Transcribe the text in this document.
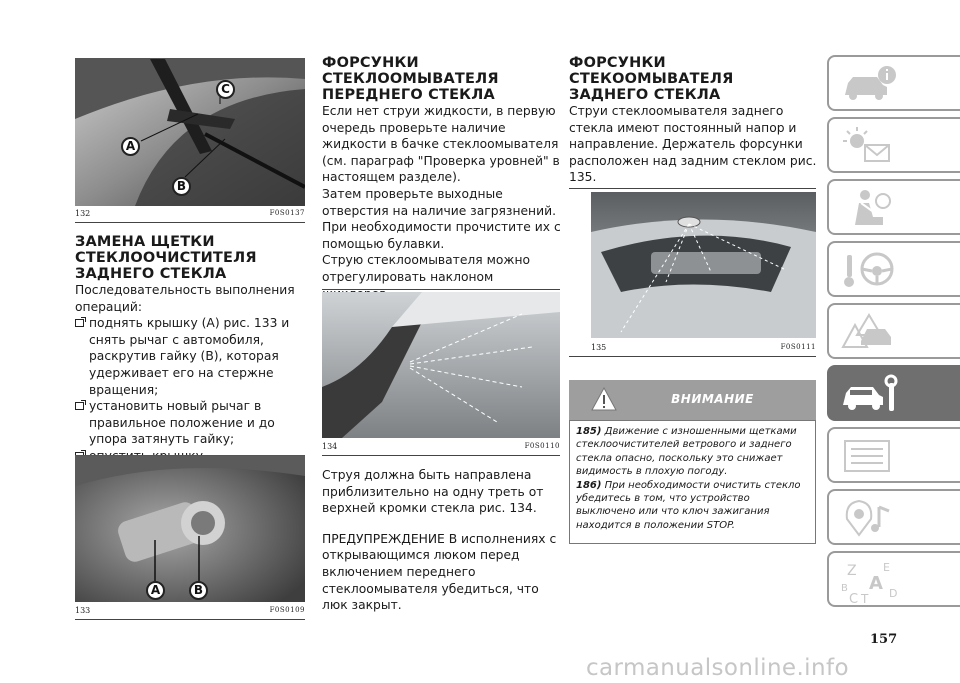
A
B
C
132	F0S0137
ЗАМЕНА ЩЕТКИ СТЕКЛООЧИСТИТЕЛЯ ЗАДНЕГО СТЕКЛА

Последовательность выполнения операций:

поднять крышку (A) рис. 133 и снять рычаг с автомобиля, раскрутив гайку (B), которая удерживает его на стержне вращения;

установить новый рычаг в правильное положение и до упора затянуть гайку;

A	B
133	F0S0109
ФОРСУНКИ СТЕКЛООМЫВАТЕЛЯ ПЕРЕДНЕГО СТЕКЛА

Если нет струи жидкости, в первую очередь проверьте наличие жидкости в бачке стеклоомывателя (см. параграф "Проверка уровней" в настоящем разделе).

Затем проверьте выходные отверстия на наличие загрязнений. При необходимости прочистите их с помощью булавки.

Струю стеклоомывателя можно отрегулировать наклоном

134	F0S0110

Струя должна быть направлена приблизительно на одну треть от верхней кромки стекла рис. 134.

ПРЕДУПРЕЖДЕНИЕ В исполнениях с открывающимся люком перед включением переднего стеклоомывателя убедиться, что люк закрыт.

ФОРСУНКИ СТЕКООМЫВАТЕЛЯ ЗАДНЕГО СТЕКЛА

Струи стеклоомывателя заднего стекла имеют постоянный напор и направление. Держатель форсунки расположен над задним стеклом рис. 135.

135	F0S0111
ВНИМАНИЕ

185) Движение с изношенными щетками стеклоочистителей ветрового и заднего стекла опасно, поскольку это снижает видимость в плохую погоду.

186) При необходимости очистить стекло убедитесь в том, что устройство выключено или что ключ зажигания находится в положении STOP.

Z E
B A
C T D
157
carmanualsonline.info
